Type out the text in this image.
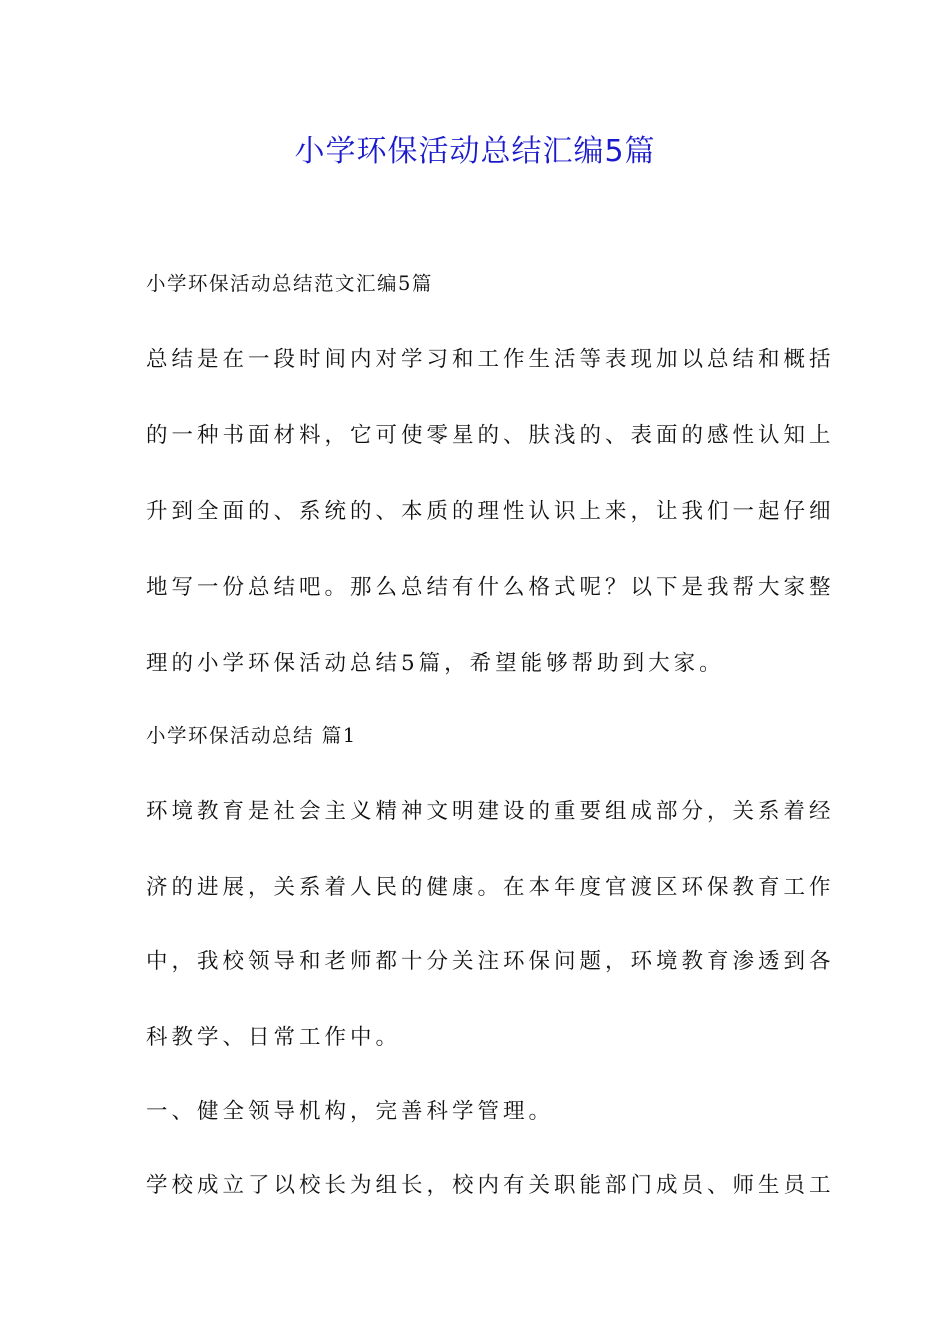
小学环保活动总结汇编5篇
小学环保活动总结范文汇编5篇
总结是在一段时间内对学习和工作生活等表现加以总结和概括
的一种书面材料，它可使零星的、肤浅的、表面的感性认知上
升到全面的、系统的、本质的理性认识上来，让我们一起仔细
地写一份总结吧。那么总结有什么格式呢？以下是我帮大家整
理的小学环保活动总结5篇，希望能够帮助到大家。
小学环保活动总结 篇1
环境教育是社会主义精神文明建设的重要组成部分，关系着经
济的进展，关系着人民的健康。在本年度官渡区环保教育工作
中，我校领导和老师都十分关注环保问题，环境教育渗透到各
科教学、日常工作中。
一、健全领导机构，完善科学管理。
学校成立了以校长为组长，校内有关职能部门成员、师生员工
